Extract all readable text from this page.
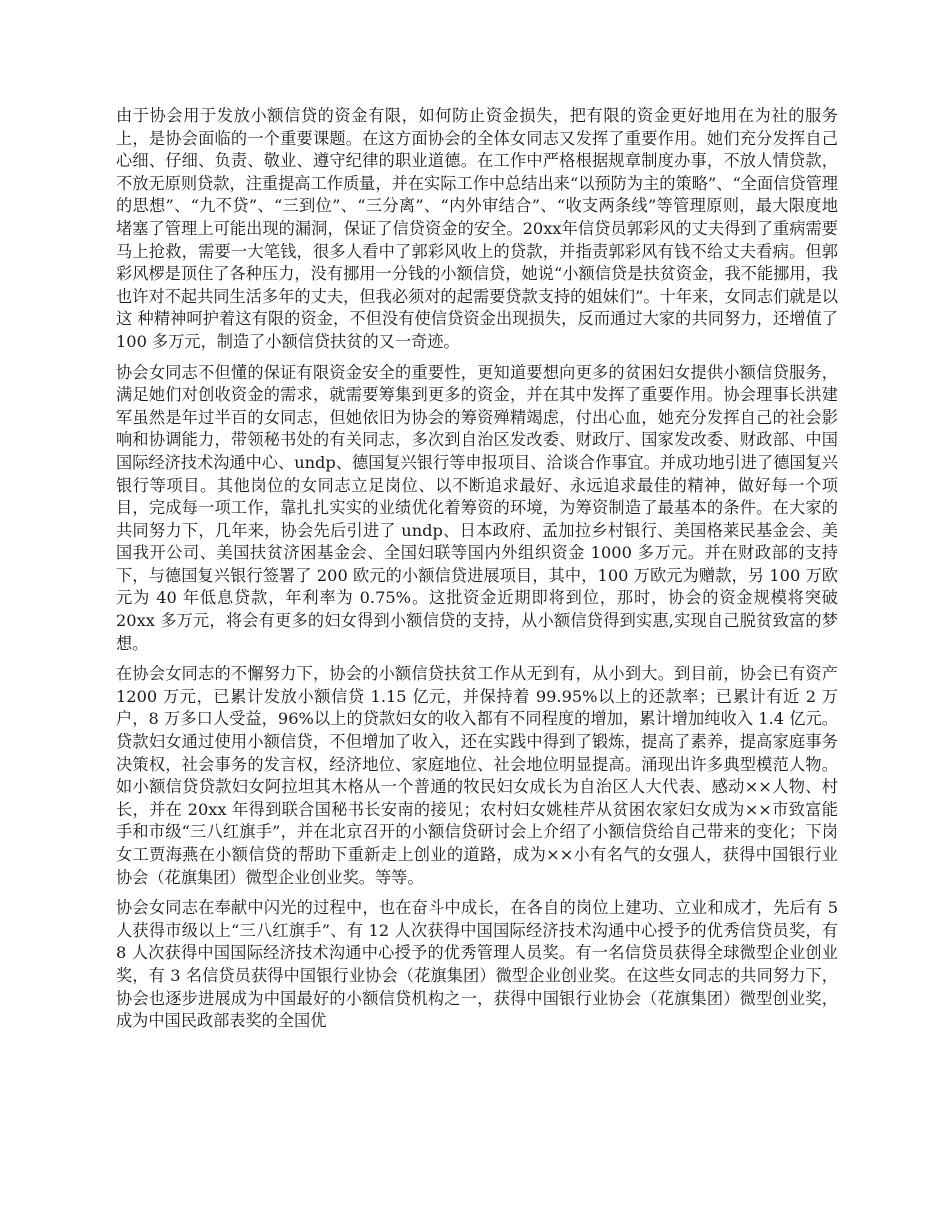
由于协会用于发放小额信贷的资金有限，如何防止资金损失，把有限的资金更好地用在为社的服务上，是协会面临的一个重要课题。在这方面协会的全体女同志又发挥了重要作用。她们充分发挥自己心细、仔细、负责、敬业、遵守纪律的职业道德。在工作中严格根据规章制度办事，不放人情贷款，不放无原则贷款，注重提高工作质量，并在实际工作中总结出来“以预防为主的策略”、“全面信贷管理的思想”、“九不贷”、“三到位”、“三分离”、“内外审结合”、“收支两条线”等管理原则，最大限度地堵塞了管理上可能出现的漏洞，保证了信贷资金的安全。20xx年信贷员郭彩风的丈夫得到了重病需要马上抢救，需要一大笔钱，很多人看中了郭彩风收上的贷款，并指责郭彩风有钱不给丈夫看病。但郭彩风椤是顶住了各种压力，没有挪用一分钱的小额信贷，她说“小额信贷是扶贫资金，我不能挪用，我也许对不起共同生活多年的丈夫，但我必须对的起需要贷款支持的姐妹们”。十年来，女同志们就是以这 种精神呵护着这有限的资金，不但没有使信贷资金出现损失，反而通过大家的共同努力，还增值了 100 多万元，制造了小额信贷扶贫的又一奇迹。

协会女同志不但懂的保证有限资金安全的重要性，更知道要想向更多的贫困妇女提供小额信贷服务，满足她们对创收资金的需求，就需要筹集到更多的资金，并在其中发挥了重要作用。协会理事长洪建军虽然是年过半百的女同志，但她依旧为协会的筹资殚精竭虑，付出心血，她充分发挥自己的社会影响和协调能力，带领秘书处的有关同志，多次到自治区发改委、财政厅、国家发改委、财政部、中国国际经济技术沟通中心、undp、德国复兴银行等申报项目、洽谈合作事宜。并成功地引进了德国复兴银行等项目。其他岗位的女同志立足岗位、以不断追求最好、永远追求最佳的精神，做好每一个项目，完成每一项工作，靠扎扎实实的业绩优化着筹资的环境，为筹资制造了最基本的条件。在大家的共同努力下，几年来，协会先后引进了 undp、日本政府、孟加拉乡村银行、美国格莱民基金会、美国我开公司、美国扶贫济困基金会、全国妇联等国内外组织资金 1000 多万元。并在财政部的支持下，与德国复兴银行签署了 200 欧元的小额信贷进展项目，其中，100 万欧元为赠款，另 100 万欧元为 40 年低息贷款，年利率为 0.75%。这批资金近期即将到位，那时，协会的资金规模将突破 20xx 多万元，将会有更多的妇女得到小额信贷的支持，从小额信贷得到实惠,实现自己脱贫致富的梦想。

在协会女同志的不懈努力下，协会的小额信贷扶贫工作从无到有，从小到大。到目前，协会已有资产 1200 万元，已累计发放小额信贷 1.15 亿元，并保持着 99.95%以上的还款率；已累计有近 2 万户，8 万多口人受益，96%以上的贷款妇女的收入都有不同程度的增加，累计增加纯收入 1.4 亿元。贷款妇女通过使用小额信贷，不但增加了收入，还在实践中得到了锻炼，提高了素养，提高家庭事务决策权，社会事务的发言权，经济地位、家庭地位、社会地位明显提高。涌现出许多典型模范人物。如小额信贷贷款妇女阿拉坦其木格从一个普通的牧民妇女成长为自治区人大代表、感动××人物、村长，并在 20xx 年得到联合国秘书长安南的接见；农村妇女姚桂芹从贫困农家妇女成为××市致富能手和市级“三八红旗手”，并在北京召开的小额信贷研讨会上介绍了小额信贷给自己带来的变化；下岗女工贾海燕在小额信贷的帮助下重新走上创业的道路，成为××小有名气的女强人，获得中国银行业协会（花旗集团）微型企业创业奖。等等。

协会女同志在奉献中闪光的过程中，也在奋斗中成长，在各自的岗位上建功、立业和成才，先后有 5 人获得市级以上“三八红旗手”、有 12 人次获得中国国际经济技术沟通中心授予的优秀信贷员奖，有 8 人次获得中国国际经济技术沟通中心授予的优秀管理人员奖。有一名信贷员获得全球微型企业创业奖，有 3 名信贷员获得中国银行业协会（花旗集团）微型企业创业奖。在这些女同志的共同努力下，协会也逐步进展成为中国最好的小额信贷机构之一，获得中国银行业协会（花旗集团）微型创业奖，成为中国民政部表奖的全国优
